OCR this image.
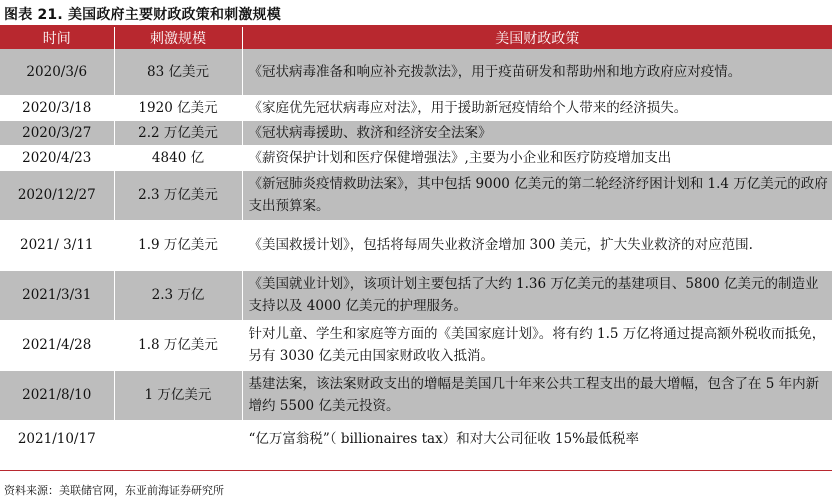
图表 21. 美国政府主要财政政策和刺激规模
时间	刺激规模	美国财政政策
2020/3/6	83 亿美元	《冠状病毒准备和响应补充拨款法》，用于疫苗研发和帮助州和地方政府应对疫情。
2020/3/18	1920 亿美元	《家庭优先冠状病毒应对法》，用于援助新冠疫情给个人带来的经济损失。
2020/3/27	2.2 万亿美元	《冠状病毒援助、救济和经济安全法案》
2020/4/23	4840 亿	《薪资保护计划和医疗保健增强法》,主要为小企业和医疗防疫增加支出
2020/12/27	2.3 万亿美元	《新冠肺炎疫情救助法案》，其中包括 9000 亿美元的第二轮经济纾困计划和 1.4 万亿美元的政府支出预算案。
2021/ 3/11	1.9 万亿美元	《美国救援计划》，包括将每周失业救济金增加 300 美元，扩大失业救济的对应范围.
2021/3/31	2.3 万亿	《美国就业计划》，该项计划主要包括了大约 1.36 万亿美元的基建项目、5800 亿美元的制造业支持以及 4000 亿美元的护理服务。
2021/4/28	1.8 万亿美元	针对儿童、学生和家庭等方面的《美国家庭计划》。将有约 1.5 万亿将通过提高额外税收而抵免，另有 3030 亿美元由国家财政收入抵消。
2021/8/10	1 万亿美元	基建法案，该法案财政支出的增幅是美国几十年来公共工程支出的最大增幅，包含了在 5 年内新增约 5500 亿美元投资。
2021/10/17		“亿万富翁税”（ billionaires tax）和对大公司征收 15%最低税率
资料来源：美联储官网，东亚前海证券研究所
